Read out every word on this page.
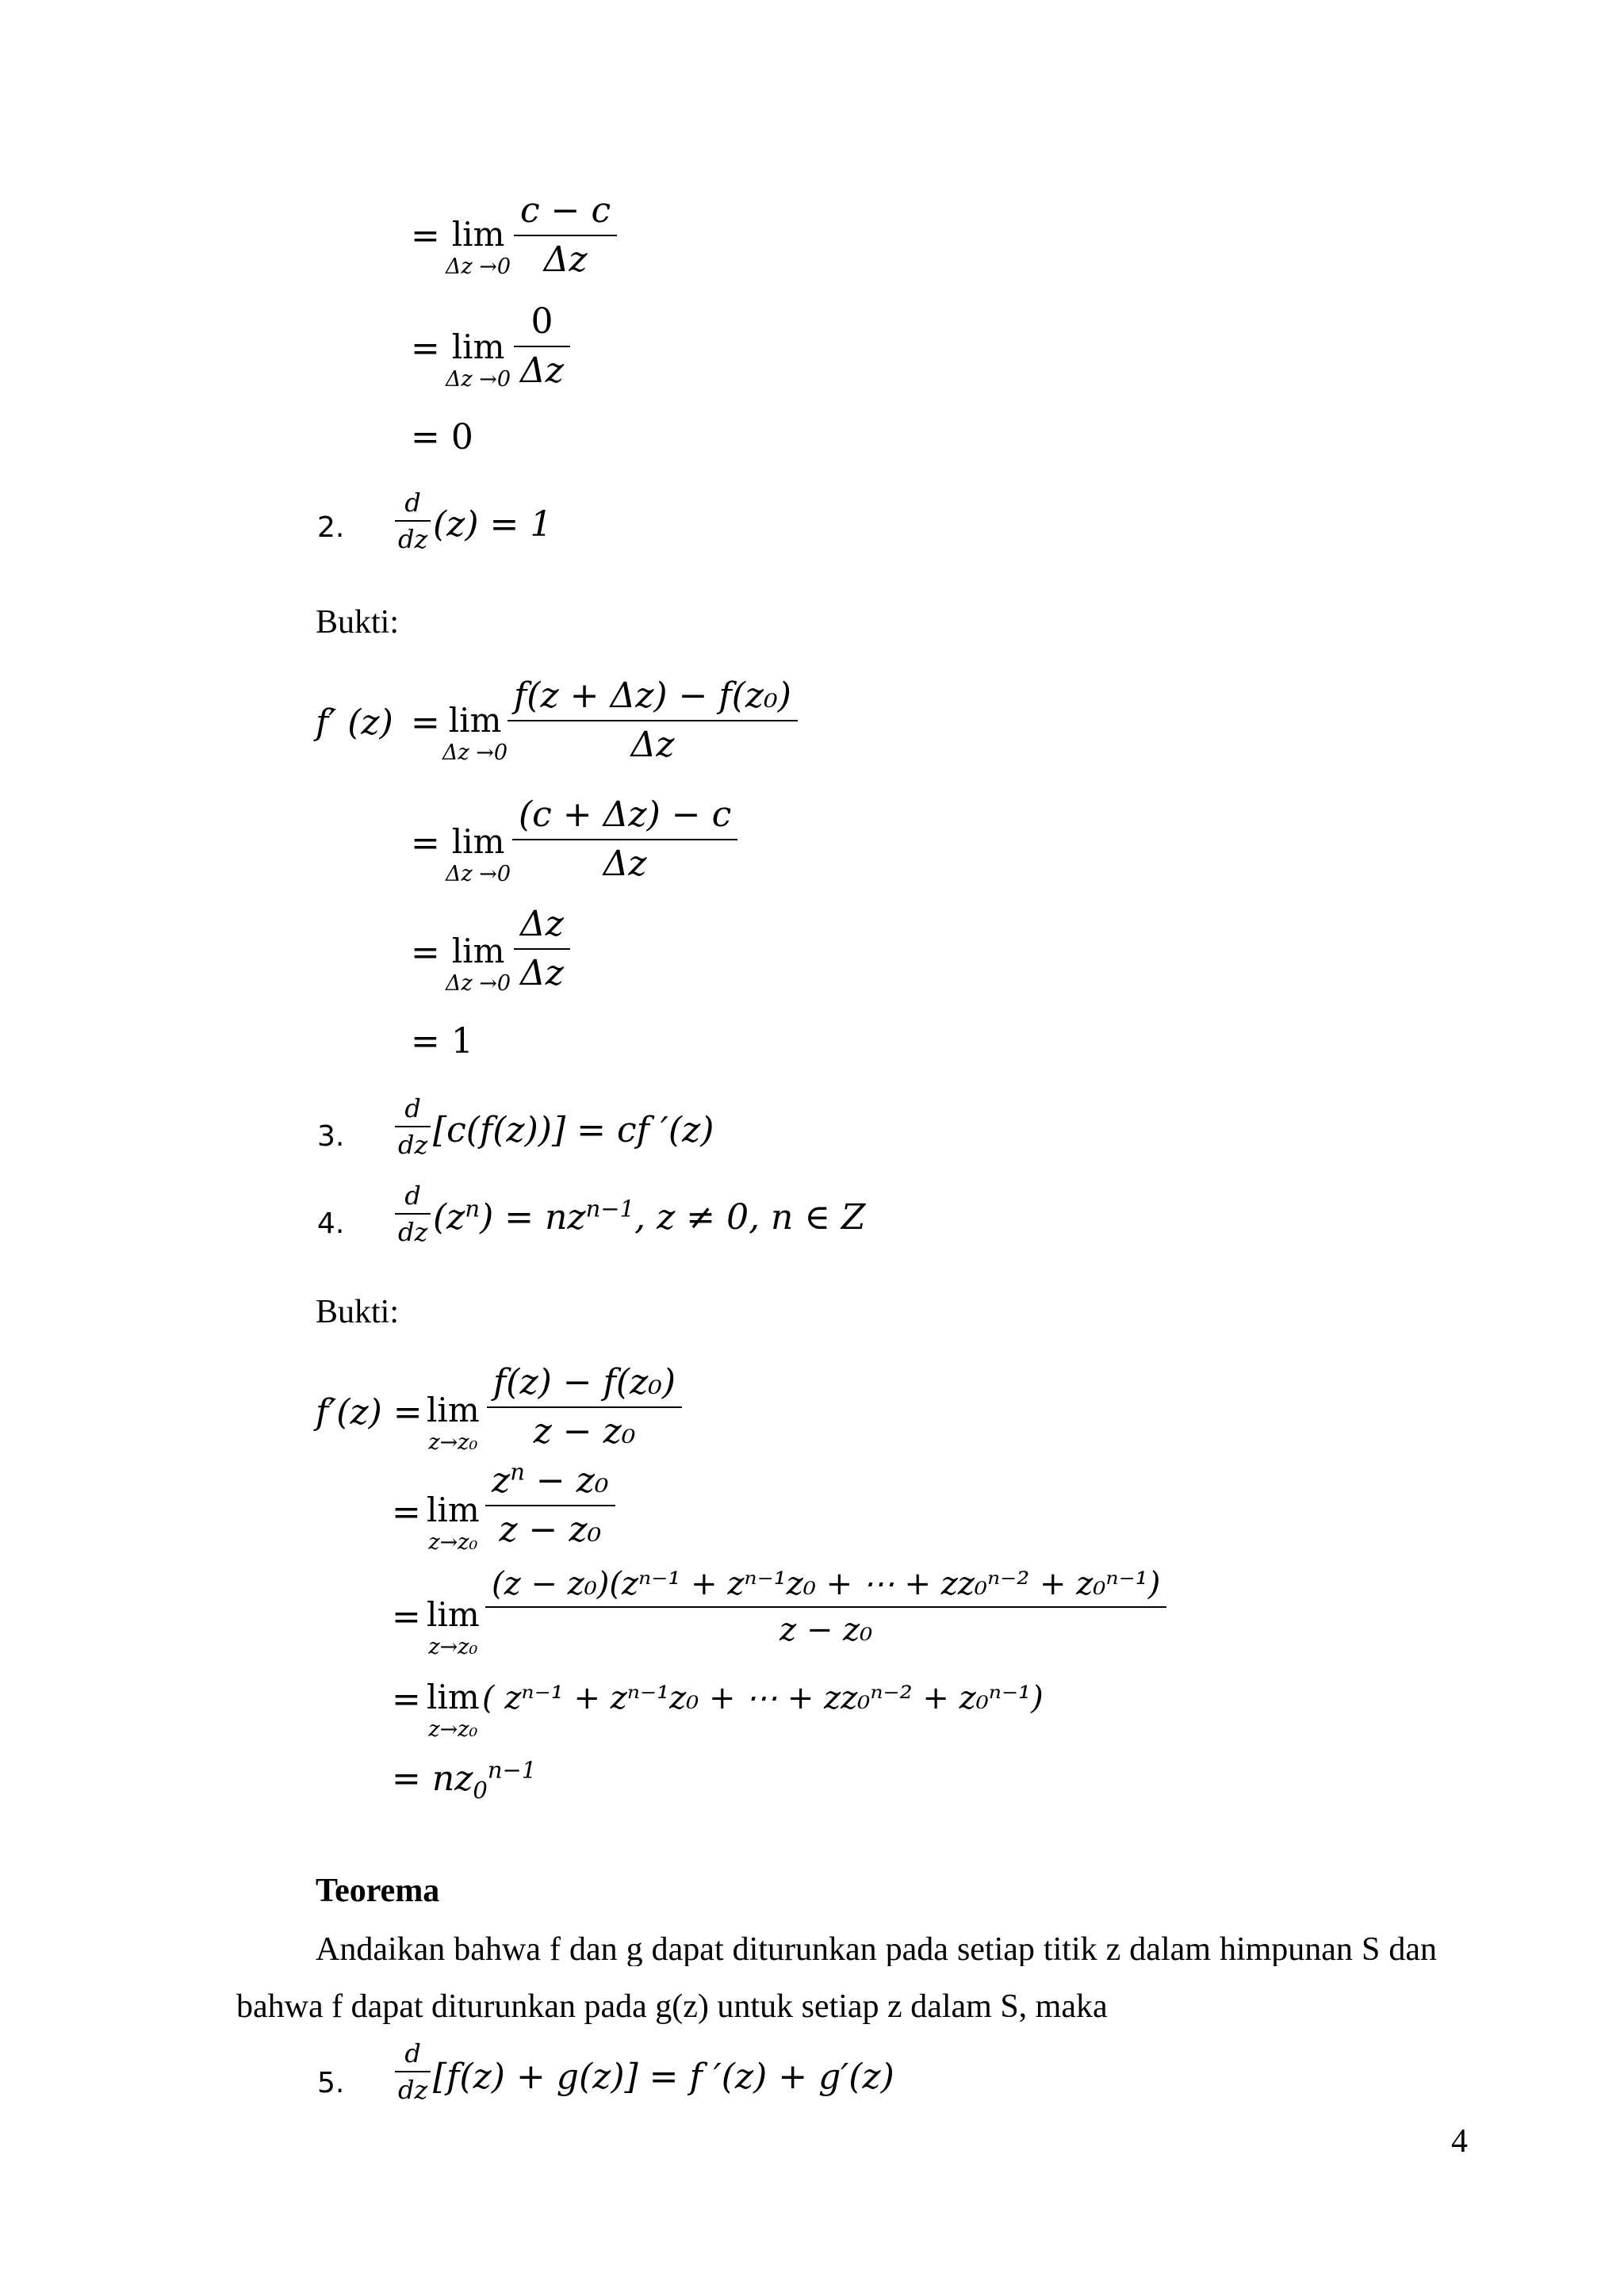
= lim
Δz →0
c − c
Δz
= lim
Δz →0
0
Δz
= 0
2.
d
dz (z) = 1
Bukti:
f′ (z) = lim
Δz →0
f(z + Δz) − f(z₀)
Δz
= lim
Δz →0
(c + Δz) − c
Δz
= lim
Δz →0
Δz
Δz
= 1
3.
d
dz [c(f(z))] = cf ′(z)
4.
d
dz $(z^n) = nz^{n-1}$, z ≠ 0, n ∈ Z
Bukti:
f′(z) = lim
z→z₀
f(z) − f(z₀)
z − z₀
= lim
z→z₀
$z^n - z_0$
z − z₀
= lim
z→z₀
(z − z₀)(zⁿ⁻¹ + zⁿ⁻¹z₀ + ⋯ + zz₀ⁿ⁻² + z₀ⁿ⁻¹)
z − z₀
= lim
z→z₀
( zⁿ⁻¹ + zⁿ⁻¹z₀ + ⋯ + zz₀ⁿ⁻² + z₀ⁿ⁻¹)
= $nz_0^{n-1}$
Teorema
Andaikan bahwa f dan g dapat diturunkan pada setiap titik z dalam himpunan S dan
bahwa f dapat diturunkan pada g(z) untuk setiap z dalam S, maka
5.
d
dz [f(z) + g(z)] = f ′(z) + g′(z)
4
